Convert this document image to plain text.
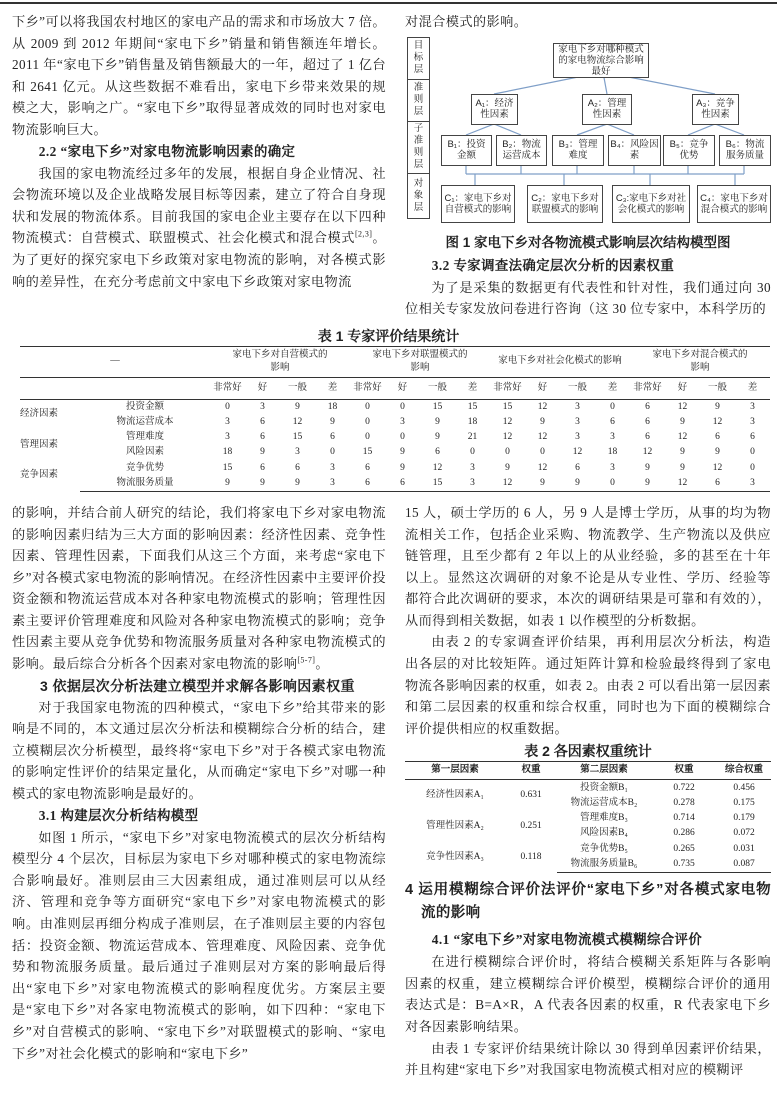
下乡”可以将我国农村地区的家电产品的需求和市场放大 7 倍。从 2009 到 2012 年期间“家电下乡”销量和销售额连年增长。2011 年“家电下乡”销售量及销售额最大的一年，超过了 1 亿台和 2641 亿元。从这些数据不难看出，家电下乡带来效果的规模之大，影响之广。“家电下乡”取得显著成效的同时也对家电物流影响巨大。

2.2 “家电下乡”对家电物流影响因素的确定

我国的家电物流经过多年的发展，根据自身企业情况、社会物流环境以及企业战略发展目标等因素，建立了符合自身现状和发展的物流体系。目前我国的家电企业主要存在以下四种物流模式：自营模式、联盟模式、社会化模式和混合模式[2,3]。为了更好的探究家电下乡政策对家电物流的影响，对各模式影响的差异性，在充分考虑前文中家电下乡政策对家电物流

对混合模式的影响。

目标层
准则层
子准则层
对象层
家电下乡对哪种模式的家电物流综合影响最好
A₁：经济性因素
A₂：管理性因素
A₃：竞争性因素
B₁：投资金额
B₂：物流运营成本
B₃：管理难度
B₄：风险因素
B₅：竞争优势
B₆：物流服务质量
C₁：家电下乡对自营模式的影响
C₂：家电下乡对联盟模式的影响
C₃:家电下乡对社会化模式的影响
C₄：家电下乡对混合模式的影响
图 1 家电下乡对各物流模式影响层次结构模型图

3.2 专家调查法确定层次分析的因素权重

为了是采集的数据更有代表性和针对性，我们通过向 30 位相关专家发放问卷进行咨询（这 30 位专家中，本科学历的

表 1 专家评价结果统计
—		家电下乡对自营模式的影响				家电下乡对联盟模式的影响				家电下乡对社会化模式的影响				家电下乡对混合模式的影响			
		非常好	好	一般	差	非常好	好	一般	差	非常好	好	一般	差	非常好	好	一般	差
经济因素	投资金额	0	3	9	18	0	0	15	15	15	12	3	0	6	12	9	3
	物流运营成本	3	6	12	9	0	3	9	18	12	9	3	6	6	9	12	3
管理因素	管理难度	3	6	15	6	0	0	9	21	12	12	3	3	6	12	6	6
	风险因素	18	9	3	0	15	9	6	0	0	0	12	18	12	9	9	0
竞争因素	竞争优势	15	6	6	3	6	9	12	3	9	12	6	3	9	9	12	0
	物流服务质量	9	9	9	3	6	6	15	3	12	9	9	0	9	12	6	3

的影响，并结合前人研究的结论，我们将家电下乡对家电物流的影响因素归结为三大方面的影响因素：经济性因素、竞争性因素、管理性因素，下面我们从这三个方面，来考虑“家电下乡”对各模式家电物流的影响情况。在经济性因素中主要评价投资金额和物流运营成本对各种家电物流模式的影响；管理性因素主要评价管理难度和风险对各种家电物流模式的影响；竞争性因素主要从竞争优势和物流服务质量对各种家电物流模式的影响。最后综合分析各个因素对家电物流的影响[5-7]。

3 依据层次分析法建立模型并求解各影响因素权重

对于我国家电物流的四种模式，“家电下乡”给其带来的影响是不同的，本文通过层次分析法和模糊综合分析的结合，建立模糊层次分析模型，最终将“家电下乡”对于各模式家电物流的影响定性评价的结果定量化，从而确定“家电下乡”对哪一种模式的家电物流影响是最好的。

3.1 构建层次分析结构模型

如图 1 所示，“家电下乡”对家电物流模式的层次分析结构模型分 4 个层次，目标层为家电下乡对哪种模式的家电物流综合影响最好。准则层由三大因素组成，通过准则层可以从经济、管理和竞争等方面研究“家电下乡”对家电物流模式的影响。由准则层再细分构成子准则层，在子准则层主要的内容包括：投资金额、物流运营成本、管理难度、风险因素、竞争优势和物流服务质量。最后通过子准则层对方案的影响最后得出“家电下乡”对家电物流模式的影响程度优劣。方案层主要是“家电下乡”对各家电物流模式的影响，如下四种：“家电下乡”对自营模式的影响、“家电下乡”对联盟模式的影响、“家电下乡”对社会化模式的影响和“家电下乡”

15 人，硕士学历的 6 人，另 9 人是博士学历，从事的均为物流相关工作，包括企业采购、物流教学、生产物流以及供应链管理，且至少都有 2 年以上的从业经验，多的甚至在十年以上。显然这次调研的对象不论是从专业性、学历、经验等都符合此次调研的要求，本次的调研结果是可靠和有效的），从而得到相关数据，如表 1 以作模型的分析数据。

由表 2 的专家调查评价结果，再利用层次分析法，构造出各层的对比较矩阵。通过矩阵计算和检验最终得到了家电物流各影响因素的权重，如表 2。由表 2 可以看出第一层因素和第二层因素的权重和综合权重，同时也为下面的模糊综合评价提供相应的权重数据。

表 2 各因素权重统计
第一层因素	权重	第二层因素	权重	综合权重
经济性因素A₁	0.631	投资金额B₁	0.722	0.456
		物流运营成本B₂	0.278	0.175
管理性因素A₂	0.251	管理难度B₃	0.714	0.179
		风险因素B₄	0.286	0.072
竞争性因素A₃	0.118	竞争优势B₅	0.265	0.031
		物流服务质量B₆	0.735	0.087

4 运用模糊综合评价法评价“家电下乡”对各模式家电物流的影响

4.1 “家电下乡”对家电物流模式模糊综合评价

在进行模糊综合评价时，将结合模糊关系矩阵与各影响因素的权重，建立模糊综合评价模型，模糊综合评价的通用表达式是：B=A×R，A 代表各因素的权重，R 代表家电下乡对各因素影响结果。

由表 1 专家评价结果统计除以 30 得到单因素评价结果，并且构建“家电下乡”对我国家电物流模式相对应的模糊评
